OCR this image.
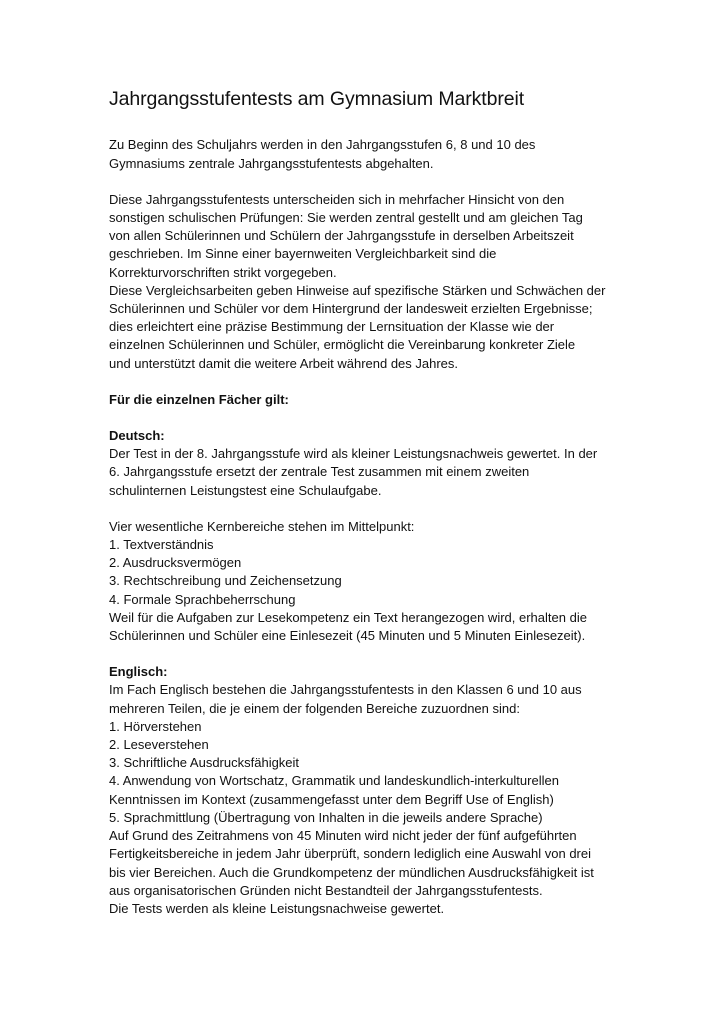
Jahrgangsstufentests am Gymnasium Marktbreit

Zu Beginn des Schuljahrs werden in den Jahrgangsstufen 6, 8 und 10 des
Gymnasiums zentrale Jahrgangsstufentests abgehalten.

Diese Jahrgangsstufentests unterscheiden sich in mehrfacher Hinsicht von den
sonstigen schulischen Prüfungen: Sie werden zentral gestellt und am gleichen Tag
von allen Schülerinnen und Schülern der Jahrgangsstufe in derselben Arbeitszeit
geschrieben. Im Sinne einer bayernweiten Vergleichbarkeit sind die
Korrekturvorschriften strikt vorgegeben.
Diese Vergleichsarbeiten geben Hinweise auf spezifische Stärken und Schwächen der
Schülerinnen und Schüler vor dem Hintergrund der landesweit erzielten Ergebnisse;
dies erleichtert eine präzise Bestimmung der Lernsituation der Klasse wie der
einzelnen Schülerinnen und Schüler, ermöglicht die Vereinbarung konkreter Ziele
und unterstützt damit die weitere Arbeit während des Jahres.

Für die einzelnen Fächer gilt:

Deutsch:
Der Test in der 8. Jahrgangsstufe wird als kleiner Leistungsnachweis gewertet. In der
6. Jahrgangsstufe ersetzt der zentrale Test zusammen mit einem zweiten
schulinternen Leistungstest eine Schulaufgabe.

Vier wesentliche Kernbereiche stehen im Mittelpunkt:
1. Textverständnis
2. Ausdrucksvermögen
3. Rechtschreibung und Zeichensetzung
4. Formale Sprachbeherrschung
Weil für die Aufgaben zur Lesekompetenz ein Text herangezogen wird, erhalten die
Schülerinnen und Schüler eine Einlesezeit (45 Minuten und 5 Minuten Einlesezeit).

Englisch:
Im Fach Englisch bestehen die Jahrgangsstufentests in den Klassen 6 und 10 aus
mehreren Teilen, die je einem der folgenden Bereiche zuzuordnen sind:
1. Hörverstehen
2. Leseverstehen
3. Schriftliche Ausdrucksfähigkeit
4. Anwendung von Wortschatz, Grammatik und landeskundlich-interkulturellen
Kenntnissen im Kontext (zusammengefasst unter dem Begriff Use of English)
5. Sprachmittlung (Übertragung von Inhalten in die jeweils andere Sprache)
Auf Grund des Zeitrahmens von 45 Minuten wird nicht jeder der fünf aufgeführten
Fertigkeitsbereiche in jedem Jahr überprüft, sondern lediglich eine Auswahl von drei
bis vier Bereichen. Auch die Grundkompetenz der mündlichen Ausdrucksfähigkeit ist
aus organisatorischen Gründen nicht Bestandteil der Jahrgangsstufentests.
Die Tests werden als kleine Leistungsnachweise gewertet.
